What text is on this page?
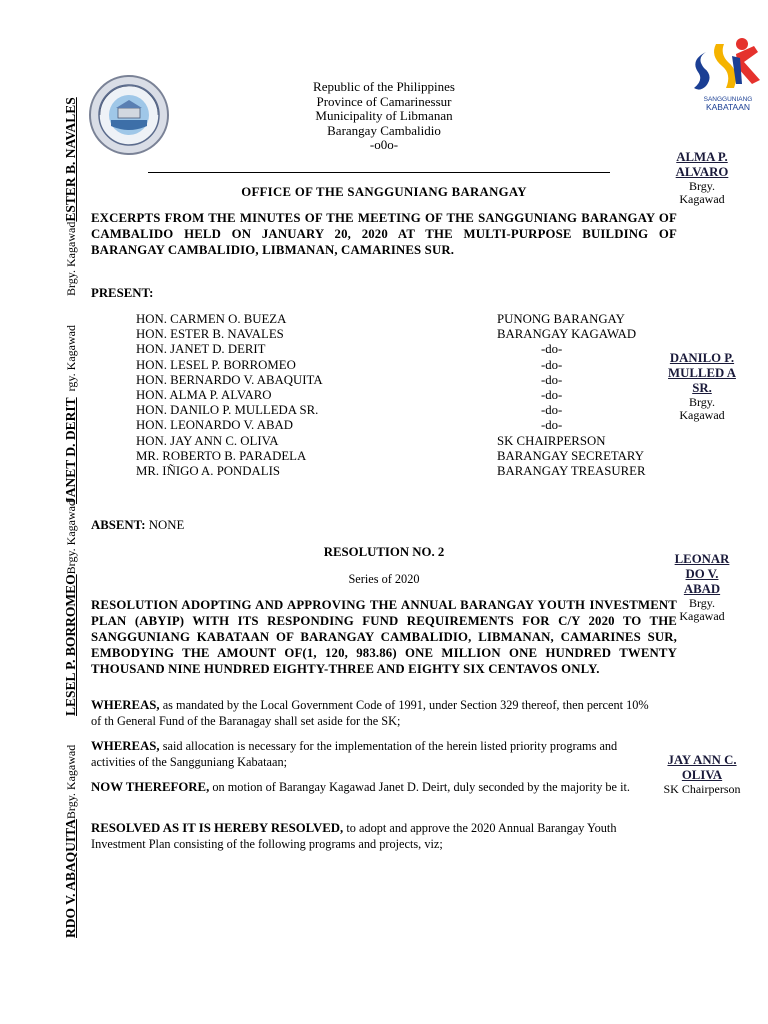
SANGGUNIANG
KABATAAN
Republic of the Philippines
Province of Camarinessur
Municipality of Libmanan
Barangay Cambalidio
-o0o-
OFFICE OF THE SANGGUNIANG BARANGAY
EXCERPTS FROM THE MINUTES OF THE MEETING OF THE SANGGUNIANG BARANGAY OF CAMBALIDO HELD ON JANUARY 20, 2020 AT THE MULTI-PURPOSE BUILDING OF BARANGAY CAMBALIDIO, LIBMANAN, CAMARINES SUR.
PRESENT:
HON. CARMEN O. BUEZA
HON. ESTER B. NAVALES
HON. JANET D. DERIT
HON. LESEL P. BORROMEO
HON. BERNARDO V. ABAQUITA
HON. ALMA P. ALVARO
HON. DANILO P. MULLEDA SR.
HON. LEONARDO V. ABAD
HON. JAY ANN C. OLIVA
MR. ROBERTO B. PARADELA
MR. IÑIGO A. PONDALIS
PUNONG BARANGAY
BARANGAY KAGAWAD
-do-
-do-
-do-
-do-
-do-
-do-
SK CHAIRPERSON
BARANGAY SECRETARY
BARANGAY TREASURER
ABSENT: NONE
RESOLUTION NO. 2
Series of 2020
RESOLUTION ADOPTING AND APPROVING THE ANNUAL BARANGAY YOUTH INVESTMENT PLAN (ABYIP) WITH ITS RESPONDING FUND REQUIREMENTS FOR C/Y 2020 TO THE SANGGUNIANG KABATAAN OF BARANGAY CAMBALIDIO, LIBMANAN, CAMARINES SUR, EMBODYING THE AMOUNT OF(1, 120, 983.86) ONE MILLION ONE HUNDRED TWENTY THOUSAND NINE HUNDRED EIGHTY-THREE AND EIGHTY SIX CENTAVOS ONLY.
WHEREAS, as mandated by the Local Government Code of 1991, under Section 329 thereof, then percent 10% of th General Fund of the Baranagay shall set aside for the SK;
WHEREAS, said allocation is necessary for the implementation of the herein listed priority programs and activities of the Sangguniang Kabataan;
NOW THEREFORE, on motion of Barangay Kagawad Janet D. Deirt, duly seconded by the majority be it.
RESOLVED AS IT IS HEREBY RESOLVED, to adopt and approve the 2020 Annual Barangay Youth Investment Plan consisting of the following programs and projects, viz;
ALMA P. ALVARO
Brgy. Kagawad
DANILO P. MULLED A SR.
Brgy. Kagawad
LEONAR DO V. ABAD
Brgy. Kagawad
JAY ANN C. OLIVA
SK Chairperson
Brgy. KagawadESTER B. NAVALES
JANET D. DERITrgy. Kagawad
LESEL P. BORROMEOBrgy. Kagawad
RDO V. ABAQUITABrgy. Kagawad
